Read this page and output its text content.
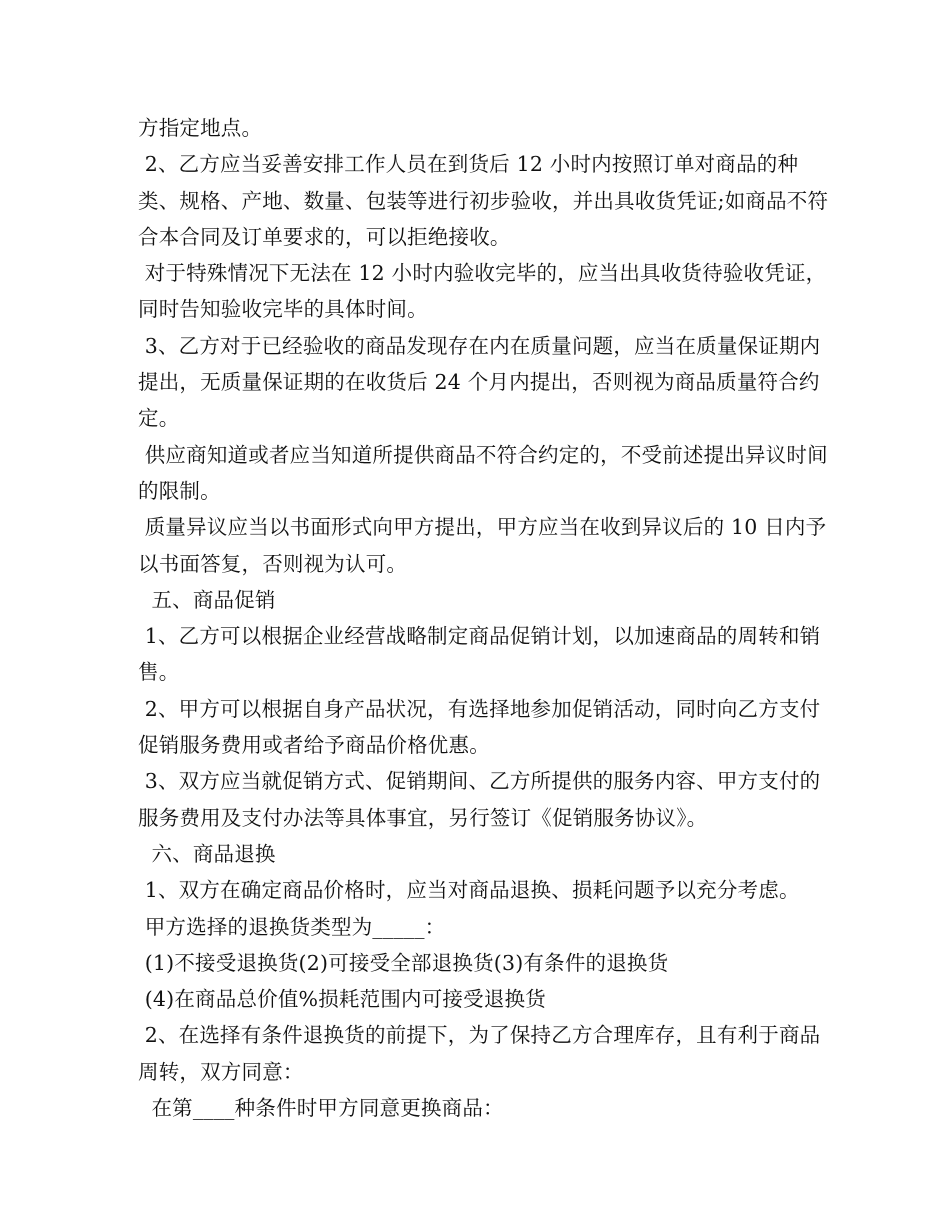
方指定地点。

2、乙方应当妥善安排工作人员在到货后 12 小时内按照订单对商品的种类、规格、产地、数量、包装等进行初步验收，并出具收货凭证;如商品不符合本合同及订单要求的，可以拒绝接收。

对于特殊情况下无法在 12 小时内验收完毕的，应当出具收货待验收凭证，同时告知验收完毕的具体时间。

3、乙方对于已经验收的商品发现存在内在质量问题，应当在质量保证期内提出，无质量保证期的在收货后 24 个月内提出，否则视为商品质量符合约定。

供应商知道或者应当知道所提供商品不符合约定的，不受前述提出异议时间的限制。

质量异议应当以书面形式向甲方提出，甲方应当在收到异议后的 10 日内予以书面答复，否则视为认可。

五、商品促销

1、乙方可以根据企业经营战略制定商品促销计划，以加速商品的周转和销售。

2、甲方可以根据自身产品状况，有选择地参加促销活动，同时向乙方支付促销服务费用或者给予商品价格优惠。

3、双方应当就促销方式、促销期间、乙方所提供的服务内容、甲方支付的服务费用及支付办法等具体事宜，另行签订《促销服务协议》。

六、商品退换

1、双方在确定商品价格时，应当对商品退换、损耗问题予以充分考虑。

甲方选择的退换货类型为_____：

(1)不接受退换货(2)可接受全部退换货(3)有条件的退换货

(4)在商品总价值%损耗范围内可接受退换货

2、在选择有条件退换货的前提下，为了保持乙方合理库存，且有利于商品周转，双方同意：

在第____种条件时甲方同意更换商品：
